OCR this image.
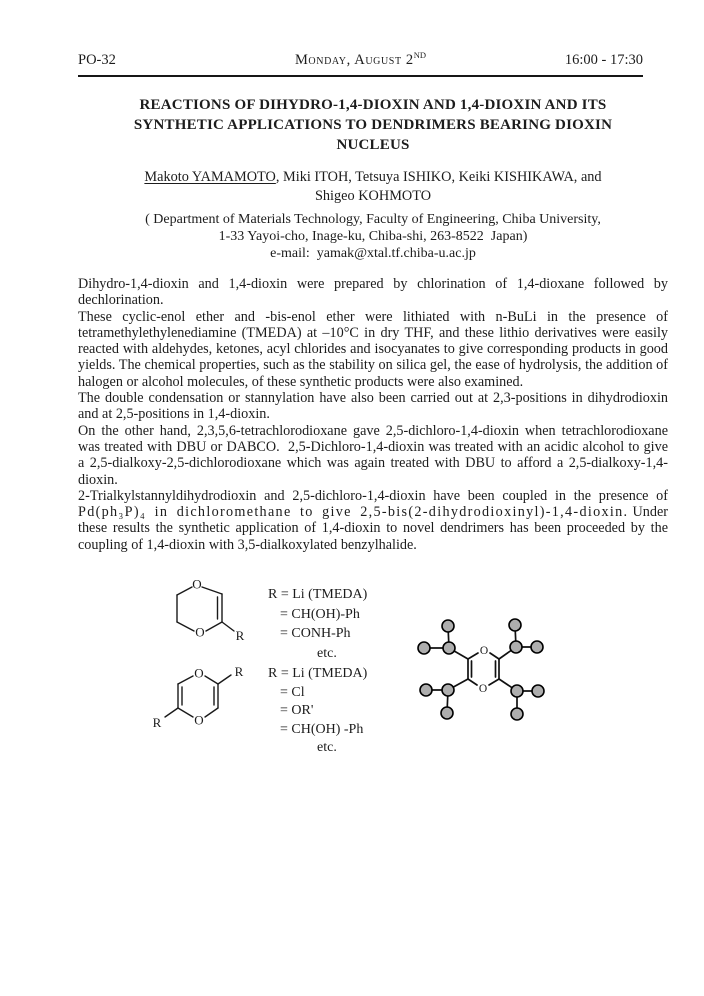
PO-32	Monday, August 2ND	16:00 - 17:30
REACTIONS OF DIHYDRO-1,4-DIOXIN AND 1,4-DIOXIN AND ITS
SYNTHETIC APPLICATIONS TO DENDRIMERS BEARING DIOXIN
NUCLEUS
Makoto YAMAMOTO, Miki ITOH, Tetsuya ISHIKO, Keiki KISHIKAWA, and
Shigeo KOHMOTO
( Department of Materials Technology, Faculty of Engineering, Chiba University,
1-33 Yayoi-cho, Inage-ku, Chiba-shi, 263-8522  Japan)
e-mail:  yamak@xtal.tf.chiba-u.ac.jp

Dihydro-1,4-dioxin and 1,4-dioxin were prepared by chlorination of 1,4-dioxane followed by dechlorination.

These cyclic-enol ether and -bis-enol ether were lithiated with n-BuLi in the presence of tetramethylethylenediamine (TMEDA) at –10°C in dry THF, and these lithio derivatives were easily reacted with aldehydes, ketones, acyl chlorides and isocyanates to give corresponding products in good yields. The chemical properties, such as the stability on silica gel, the ease of hydrolysis, the addition of halogen or alcohol molecules, of these synthetic products were also examined.

The double condensation or stannylation have also been carried out at 2,3-positions in dihydrodioxin and at 2,5-positions in 1,4-dioxin.

On the other hand, 2,3,5,6-tetrachlorodioxane gave 2,5-dichloro-1,4-dioxin when tetrachlorodioxane was treated with DBU or DABCO.  2,5-Dichloro-1,4-dioxin was treated with an acidic alcohol to give a 2,5-dialkoxy-2,5-dichlorodioxane which was again treated with DBU to afford a 2,5-dialkoxy-1,4-dioxin.

2-Trialkylstannyldihydrodioxin and 2,5-dichloro-1,4-dioxin have been coupled in the presence of Pd(ph₃P)₄ in dichloromethane to give 2,5-bis(2-dihydrodioxinyl)-1,4-dioxin. Under these results the synthetic application of 1,4-dioxin to novel dendrimers has been proceeded by the coupling of 1,4-dioxin with 3,5-dialkoxylated benzylhalide.

O
O R
R = Li (TMEDA)
= CH(OH)-Ph
= CONH-Ph
etc.
O
O
R
R
R = Li (TMEDA)
= Cl
= OR'
= CH(OH) -Ph
etc.
O
O
